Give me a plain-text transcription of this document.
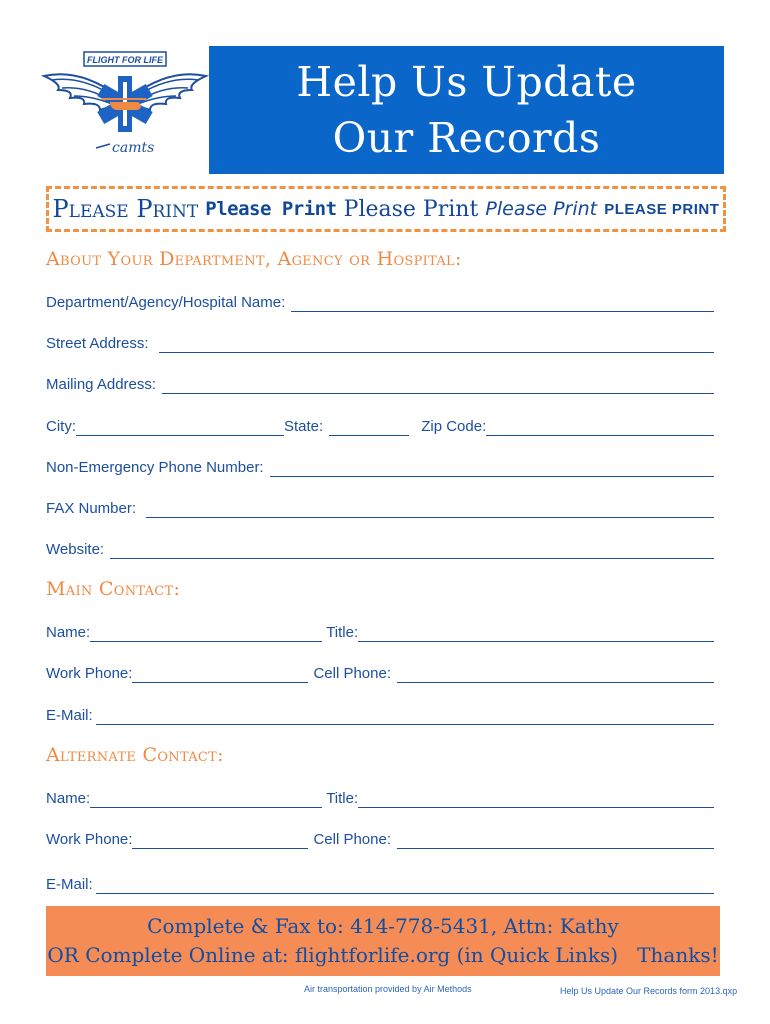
FLIGHT FOR LIFE
camts
Help Us Update
Our Records
Please Print Please Print Please Print Please Print PLEASE PRINT
About Your Department, Agency or Hospital:
Department/Agency/Hospital Name:
Street Address:
Mailing Address:
City:	State:	Zip Code:
Non-Emergency Phone Number:
FAX Number:
Website:
Main Contact:
Name:	Title:
Work Phone:	Cell Phone:
E-Mail:
Alternate Contact:
Name:	Title:
Work Phone:	Cell Phone:
E-Mail:
Complete & Fax to: 414-778-5431, Attn: Kathy
OR Complete Online at: flightforlife.org (in Quick Links)   Thanks!
Air transportation provided by Air Methods	Help Us Update Our Records form 2013.qxp
